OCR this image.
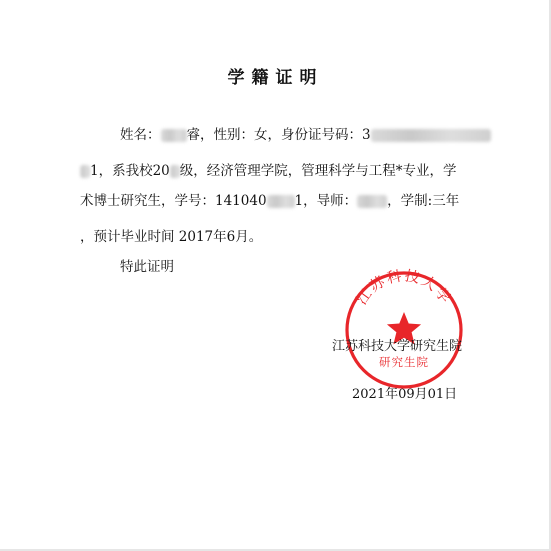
学籍证明
姓名： 睿，性别：女，身份证号码：3
1，系我校20 级，经济管理学院，管理科学与工程*专业，学
术博士研究生，学号：141040 1，导师： ，学制:三年
，预计毕业时间 2017年6月。
特此证明
江苏科技大学
研究生院
江苏科技大学研究生院
2021年09月01日
